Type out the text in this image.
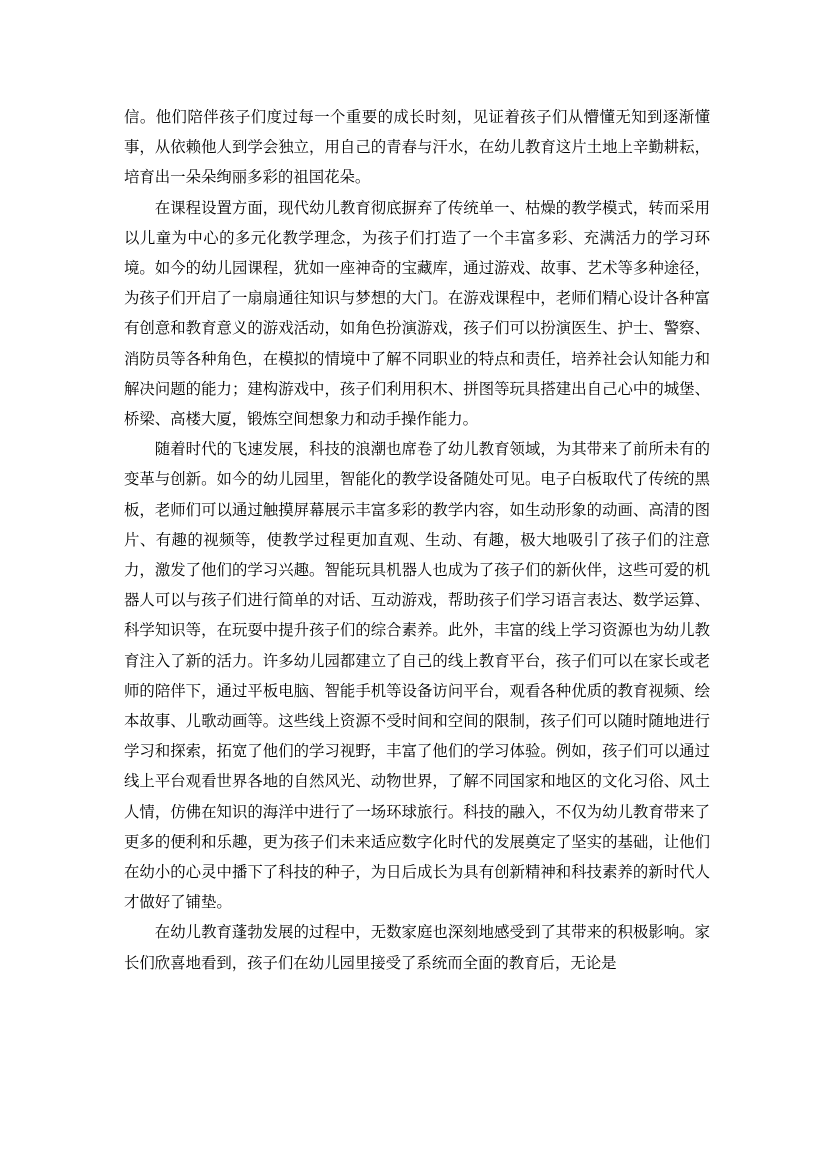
信。他们陪伴孩子们度过每一个重要的成长时刻，见证着孩子们从懵懂无知到逐渐懂事，从依赖他人到学会独立，用自己的青春与汗水，在幼儿教育这片土地上辛勤耕耘，培育出一朵朵绚丽多彩的祖国花朵。

在课程设置方面，现代幼儿教育彻底摒弃了传统单一、枯燥的教学模式，转而采用以儿童为中心的多元化教学理念，为孩子们打造了一个丰富多彩、充满活力的学习环境。如今的幼儿园课程，犹如一座神奇的宝藏库，通过游戏、故事、艺术等多种途径，为孩子们开启了一扇扇通往知识与梦想的大门。在游戏课程中，老师们精心设计各种富有创意和教育意义的游戏活动，如角色扮演游戏，孩子们可以扮演医生、护士、警察、消防员等各种角色，在模拟的情境中了解不同职业的特点和责任，培养社会认知能力和解决问题的能力；建构游戏中，孩子们利用积木、拼图等玩具搭建出自己心中的城堡、桥梁、高楼大厦，锻炼空间想象力和动手操作能力。

随着时代的飞速发展，科技的浪潮也席卷了幼儿教育领域，为其带来了前所未有的变革与创新。如今的幼儿园里，智能化的教学设备随处可见。电子白板取代了传统的黑板，老师们可以通过触摸屏幕展示丰富多彩的教学内容，如生动形象的动画、高清的图片、有趣的视频等，使教学过程更加直观、生动、有趣，极大地吸引了孩子们的注意力，激发了他们的学习兴趣。智能玩具机器人也成为了孩子们的新伙伴，这些可爱的机器人可以与孩子们进行简单的对话、互动游戏，帮助孩子们学习语言表达、数学运算、科学知识等，在玩耍中提升孩子们的综合素养。此外，丰富的线上学习资源也为幼儿教育注入了新的活力。许多幼儿园都建立了自己的线上教育平台，孩子们可以在家长或老师的陪伴下，通过平板电脑、智能手机等设备访问平台，观看各种优质的教育视频、绘本故事、儿歌动画等。这些线上资源不受时间和空间的限制，孩子们可以随时随地进行学习和探索，拓宽了他们的学习视野，丰富了他们的学习体验。例如，孩子们可以通过线上平台观看世界各地的自然风光、动物世界，了解不同国家和地区的文化习俗、风土人情，仿佛在知识的海洋中进行了一场环球旅行。科技的融入，不仅为幼儿教育带来了更多的便利和乐趣，更为孩子们未来适应数字化时代的发展奠定了坚实的基础，让他们在幼小的心灵中播下了科技的种子，为日后成长为具有创新精神和科技素养的新时代人才做好了铺垫。

在幼儿教育蓬勃发展的过程中，无数家庭也深刻地感受到了其带来的积极影响。家长们欣喜地看到，孩子们在幼儿园里接受了系统而全面的教育后，无论是
